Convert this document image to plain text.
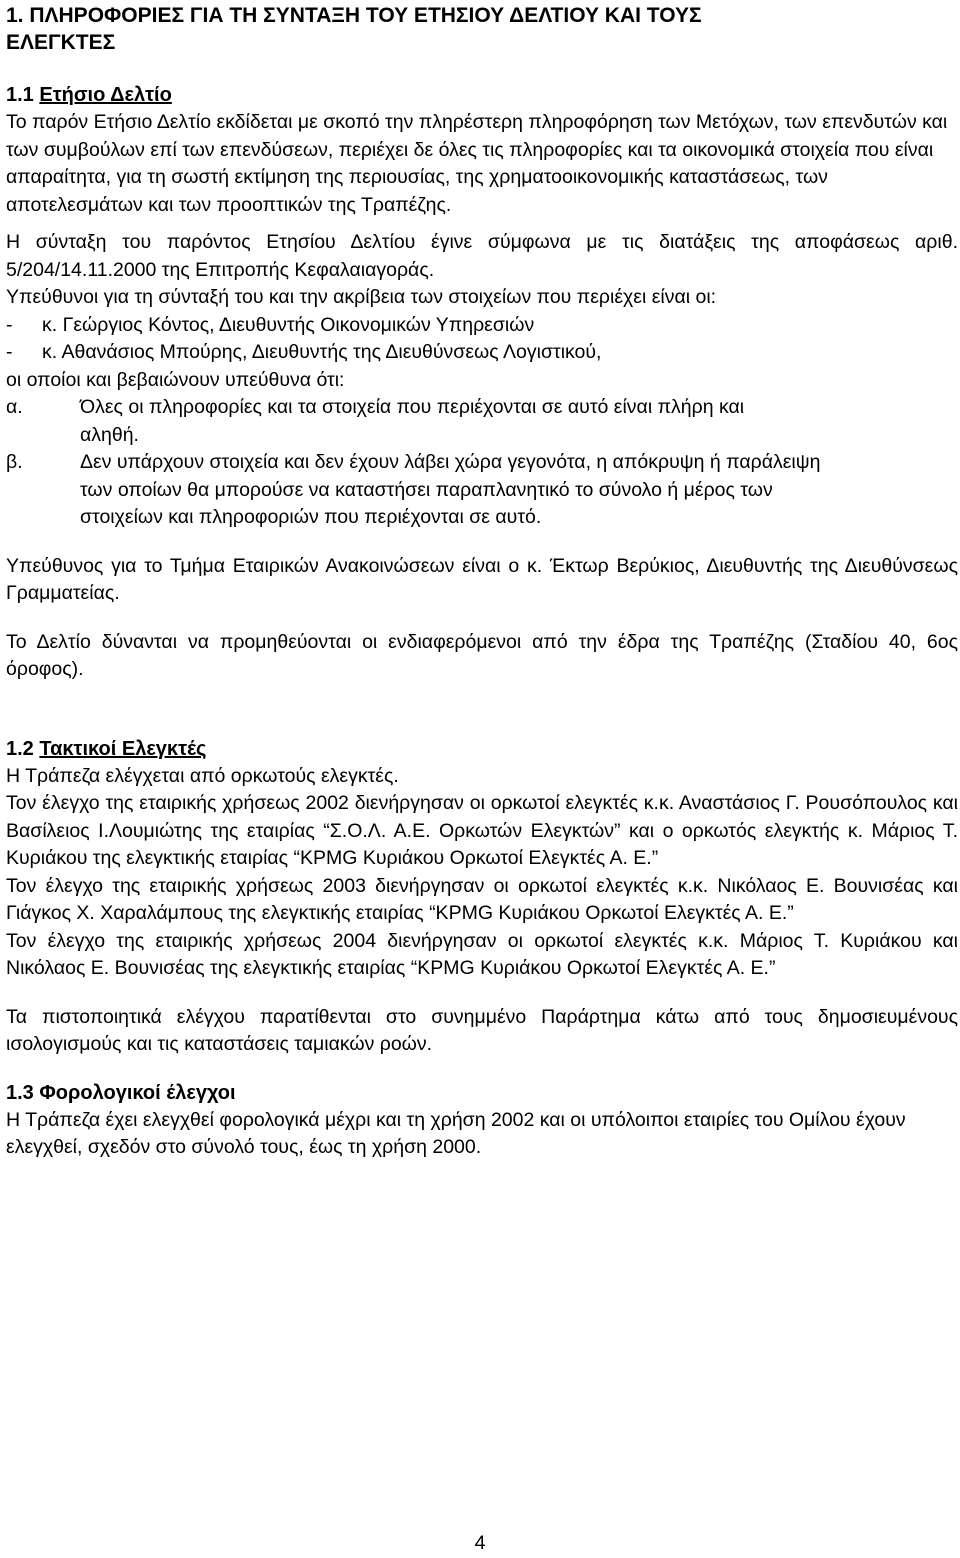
1. ΠΛΗΡΟΦΟΡΙΕΣ ΓΙΑ ΤΗ ΣΥΝΤΑΞΗ ΤΟΥ ΕΤΗΣΙΟΥ ΔΕΛΤΙΟΥ ΚΑΙ ΤΟΥΣ
ΕΛΕΓΚΤΕΣ
1.1 Ετήσιο Δελτίο

Το παρόν Ετήσιο Δελτίο εκδίδεται με σκοπό την πληρέστερη πληροφόρηση των Μετόχων, των επενδυτών και των συμβούλων επί των επενδύσεων, περιέχει δε όλες τις πληροφορίες και τα οικονομικά στοιχεία που είναι απαραίτητα, για τη σωστή εκτίμηση της περιουσίας, της χρηματοοικονομικής καταστάσεως, των αποτελεσμάτων και των προοπτικών της Τραπέζης.

Η σύνταξη του παρόντος Ετησίου Δελτίου έγινε σύμφωνα με τις διατάξεις της αποφάσεως αριθ. 5/204/14.11.2000 της Επιτροπής Κεφαλαιαγοράς.

Υπεύθυνοι για τη σύνταξή του και την ακρίβεια των στοιχείων που περιέχει είναι οι:

-	κ. Γεώργιος Κόντος, Διευθυντής Οικονομικών Υπηρεσιών
-	κ. Αθανάσιος Μπούρης, Διευθυντής της Διευθύνσεως Λογιστικού,

οι οποίοι και βεβαιώνουν υπεύθυνα ότι:

α.	Όλες οι πληροφορίες και τα στοιχεία που περιέχονται σε αυτό είναι πλήρη και αληθή.
β.	Δεν υπάρχουν στοιχεία και δεν έχουν λάβει χώρα γεγονότα, η απόκρυψη ή παράλειψη των οποίων θα μπορούσε να καταστήσει παραπλανητικό το σύνολο ή μέρος των στοιχείων και πληροφοριών που περιέχονται σε αυτό.

Υπεύθυνος για το Τμήμα Εταιρικών Ανακοινώσεων είναι ο κ. Έκτωρ Βερύκιος, Διευθυντής της Διευθύνσεως Γραμματείας.

Το Δελτίο δύνανται να προμηθεύονται οι ενδιαφερόμενοι από την έδρα της Τραπέζης (Σταδίου 40, 6ος όροφος).

1.2 Τακτικοί Ελεγκτές

Η Τράπεζα ελέγχεται από ορκωτούς ελεγκτές.

Τον έλεγχο της εταιρικής χρήσεως 2002 διενήργησαν οι ορκωτοί ελεγκτές κ.κ. Αναστάσιος Γ. Ρουσόπουλος και Βασίλειος Ι.Λουμιώτης της εταιρίας “Σ.Ο.Λ. Α.Ε. Ορκωτών Ελεγκτών” και ο ορκωτός ελεγκτής κ. Μάριος Τ. Κυριάκου της ελεγκτικής εταιρίας “KPMG Κυριάκου Ορκωτοί Ελεγκτές Α. Ε.”

Τον έλεγχο της εταιρικής χρήσεως 2003 διενήργησαν οι ορκωτοί ελεγκτές κ.κ. Νικόλαος Ε. Βουνισέας και Γιάγκος Χ. Χαραλάμπους της ελεγκτικής εταιρίας “KPMG Κυριάκου Ορκωτοί Ελεγκτές Α. Ε.”

Τον έλεγχο της εταιρικής χρήσεως 2004 διενήργησαν οι ορκωτοί ελεγκτές κ.κ. Μάριος Τ. Κυριάκου και Νικόλαος Ε. Βουνισέας της ελεγκτικής εταιρίας “KPMG Κυριάκου Ορκωτοί Ελεγκτές Α. Ε.”

Τα πιστοποιητικά ελέγχου παρατίθενται στο συνημμένο Παράρτημα κάτω από τους δημοσιευμένους ισολογισμούς και τις καταστάσεις ταμιακών ροών.

1.3 Φορολογικοί έλεγχοι

Η Τράπεζα έχει ελεγχθεί φορολογικά μέχρι και τη χρήση 2002 και οι υπόλοιποι εταιρίες του Ομίλου έχουν ελεγχθεί, σχεδόν στο σύνολό τους, έως τη χρήση 2000.

4
